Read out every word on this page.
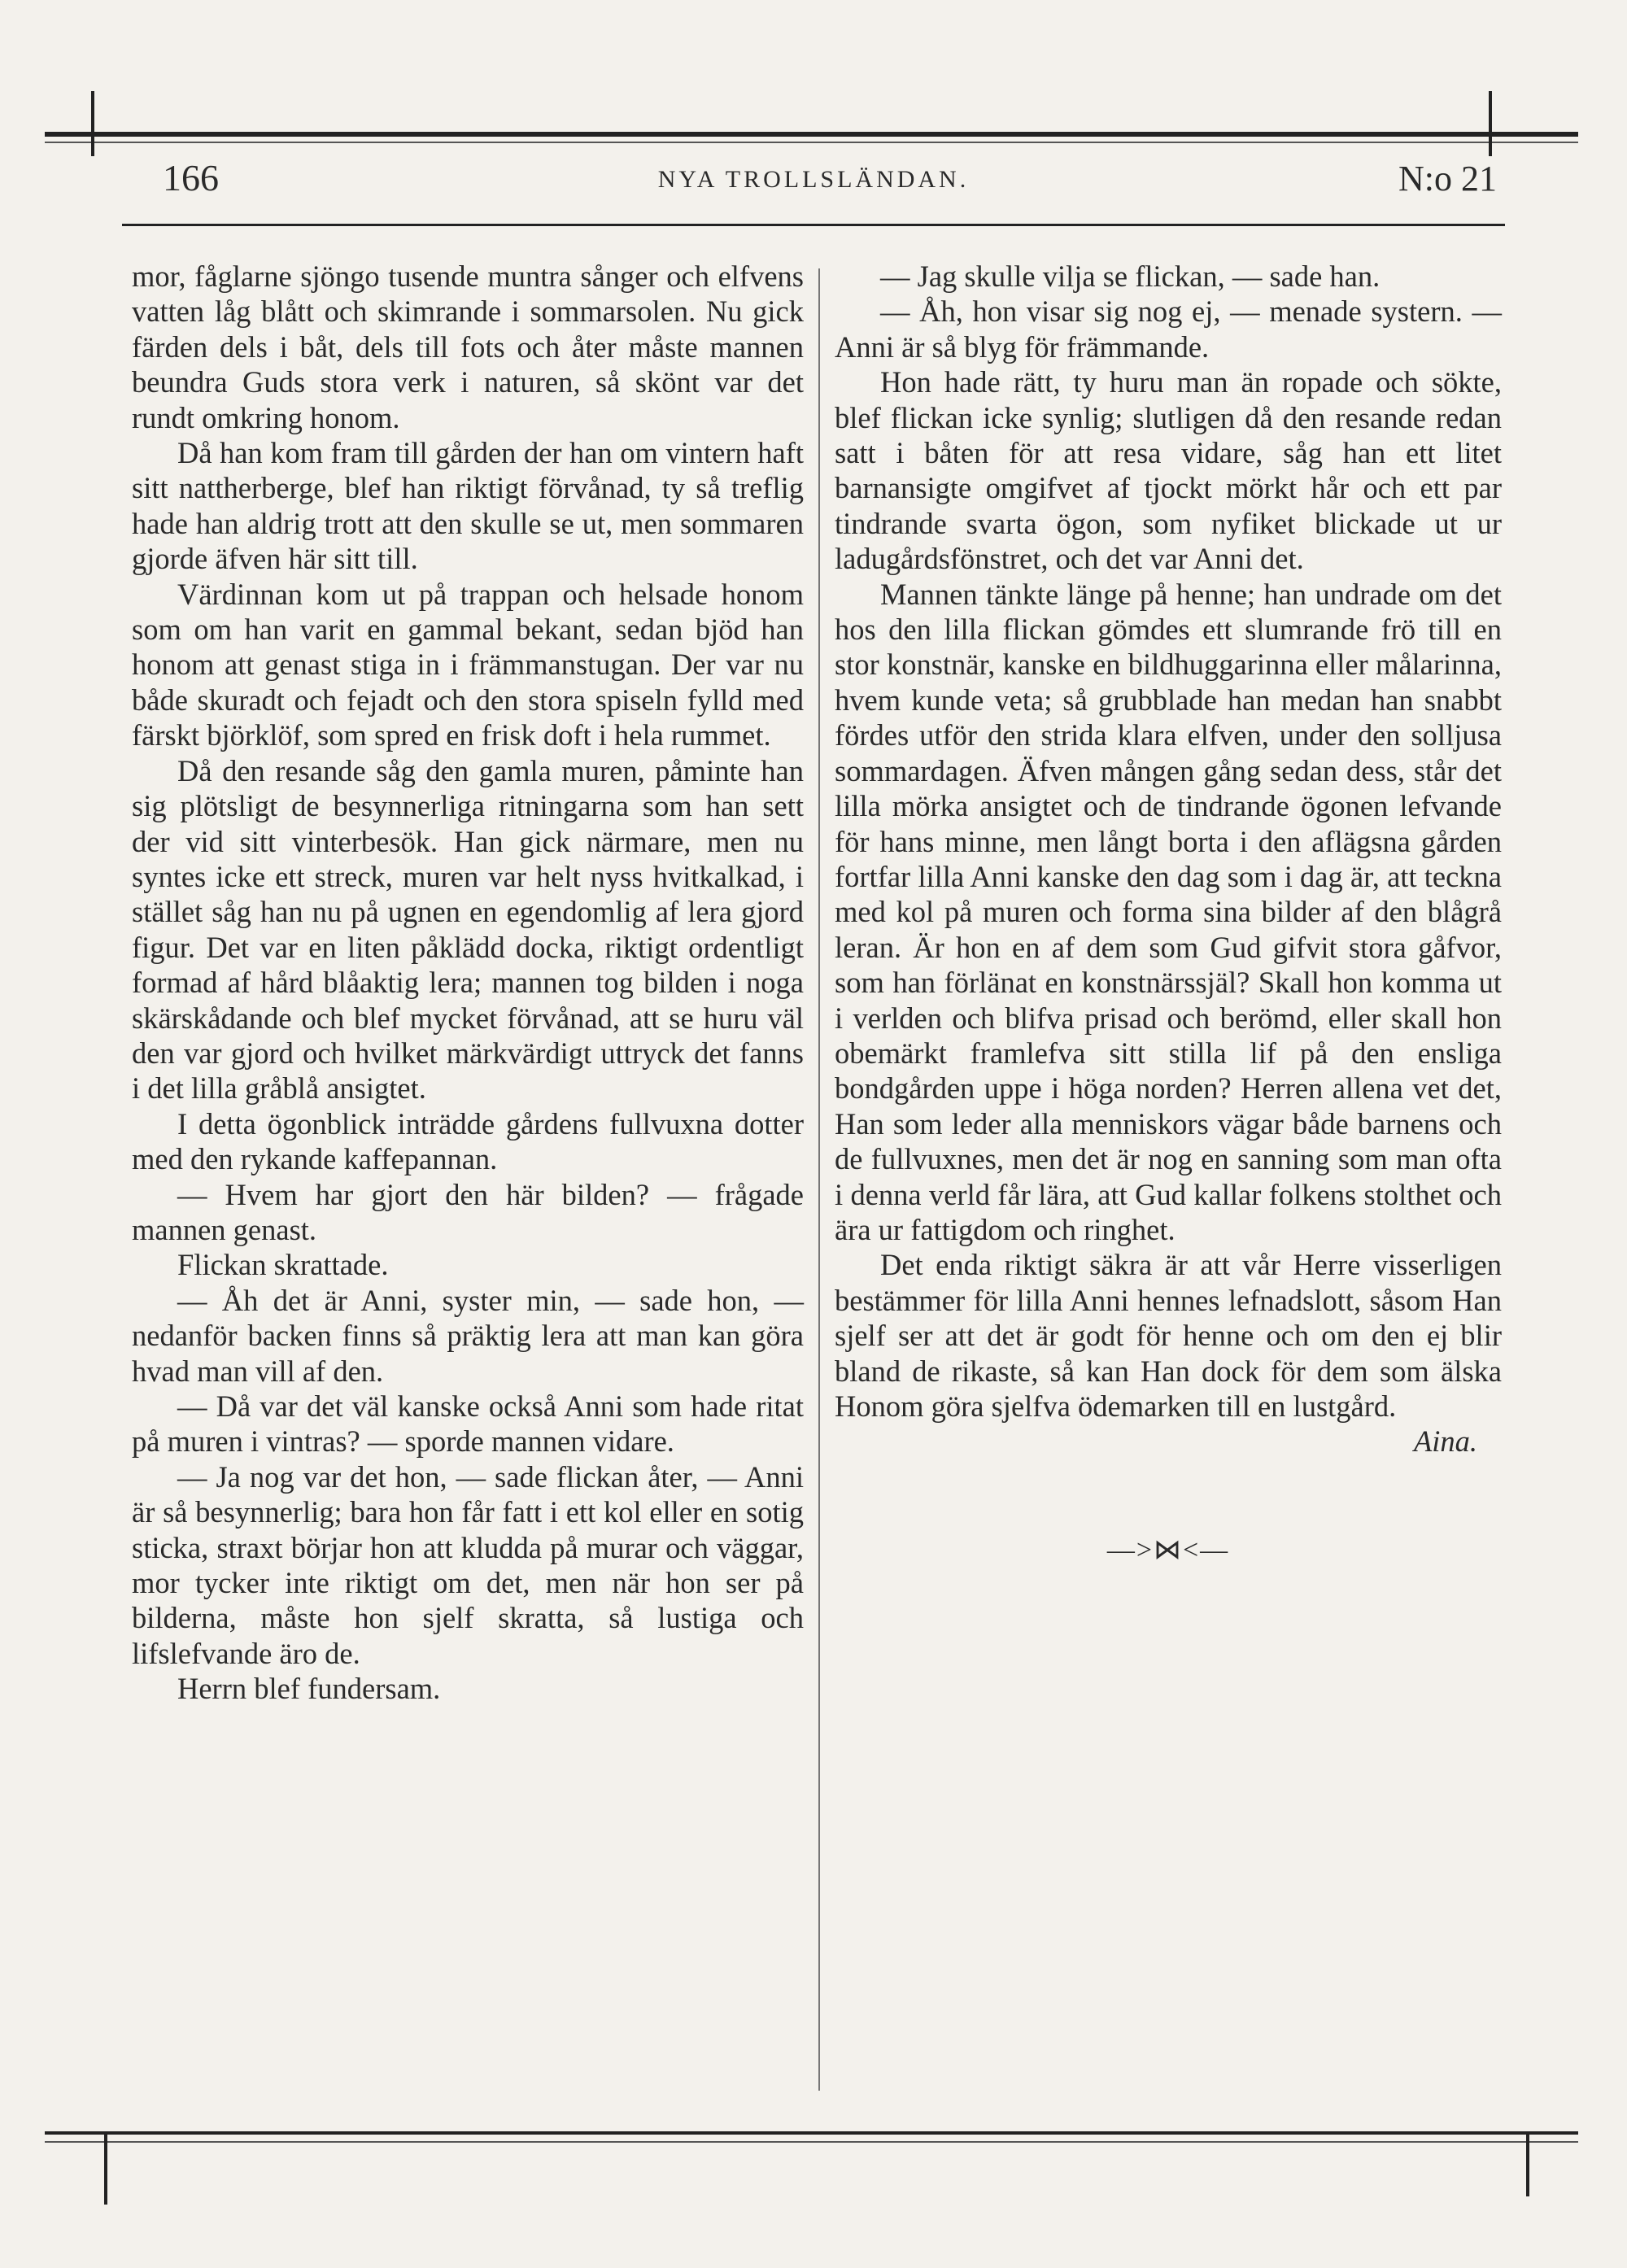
166	NYA TROLLSLÄNDAN.	N:o 21

mor, fåglarne sjöngo tusende muntra sånger och elfvens vatten låg blått och skimrande i sommarsolen. Nu gick färden dels i båt, dels till fots och åter måste mannen beundra Guds stora verk i naturen, så skönt var det rundt omkring honom.

Då han kom fram till gården der han om vintern haft sitt nattherberge, blef han riktigt förvånad, ty så treflig hade han aldrig trott att den skulle se ut, men sommaren gjorde äfven här sitt till.

Värdinnan kom ut på trappan och helsade honom som om han varit en gammal bekant, sedan bjöd han honom att genast stiga in i främmanstugan. Der var nu både skuradt och fejadt och den stora spiseln fylld med färskt björklöf, som spred en frisk doft i hela rummet.

Då den resande såg den gamla muren, påminte han sig plötsligt de besynnerliga ritningarna som han sett der vid sitt vinterbesök. Han gick närmare, men nu syntes icke ett streck, muren var helt nyss hvitkalkad, i stället såg han nu på ugnen en egendomlig af lera gjord figur. Det var en liten påklädd docka, riktigt ordentligt formad af hård blåaktig lera; mannen tog bilden i noga skärskådande och blef mycket förvånad, att se huru väl den var gjord och hvilket märkvärdigt uttryck det fanns i det lilla gråblå ansigtet.

I detta ögonblick inträdde gårdens fullvuxna dotter med den rykande kaffepannan.

— Hvem har gjort den här bilden? — frågade mannen genast.

Flickan skrattade.

— Åh det är Anni, syster min, — sade hon, — nedanför backen finns så präktig lera att man kan göra hvad man vill af den.

— Då var det väl kanske också Anni som hade ritat på muren i vintras? — sporde mannen vidare.

— Ja nog var det hon, — sade flickan åter, — Anni är så besynnerlig; bara hon får fatt i ett kol eller en sotig sticka, straxt börjar hon att kludda på murar och väggar, mor tycker inte riktigt om det, men när hon ser på bilderna, måste hon sjelf skratta, så lustiga och lifslefvande äro de.

Herrn blef fundersam.

— Jag skulle vilja se flickan, — sade han.

— Åh, hon visar sig nog ej, — menade systern. — Anni är så blyg för främmande.

Hon hade rätt, ty huru man än ropade och sökte, blef flickan icke synlig; slutligen då den resande redan satt i båten för att resa vidare, såg han ett litet barnansigte omgifvet af tjockt mörkt hår och ett par tindrande svarta ögon, som nyfiket blickade ut ur ladugårdsfönstret, och det var Anni det.

Mannen tänkte länge på henne; han undrade om det hos den lilla flickan gömdes ett slumrande frö till en stor konstnär, kanske en bildhuggarinna eller målarinna, hvem kunde veta; så grubblade han medan han snabbt fördes utför den strida klara elfven, under den solljusa sommardagen. Äfven mången gång sedan dess, står det lilla mörka ansigtet och de tindrande ögonen lefvande för hans minne, men långt borta i den aflägsna gården fortfar lilla Anni kanske den dag som i dag är, att teckna med kol på muren och forma sina bilder af den blågrå leran. Är hon en af dem som Gud gifvit stora gåfvor, som han förlänat en konstnärssjäl? Skall hon komma ut i verlden och blifva prisad och berömd, eller skall hon obemärkt framlefva sitt stilla lif på den ensliga bondgården uppe i höga norden? Herren allena vet det, Han som leder alla menniskors vägar både barnens och de fullvuxnes, men det är nog en sanning som man ofta i denna verld får lära, att Gud kallar folkens stolthet och ära ur fattigdom och ringhet.

Det enda riktigt säkra är att vår Herre visserligen bestämmer för lilla Anni hennes lefnadslott, såsom Han sjelf ser att det är godt för henne och om den ej blir bland de rikaste, så kan Han dock för dem som älska Honom göra sjelfva ödemarken till en lustgård.

Aina.

—>⋈<—
